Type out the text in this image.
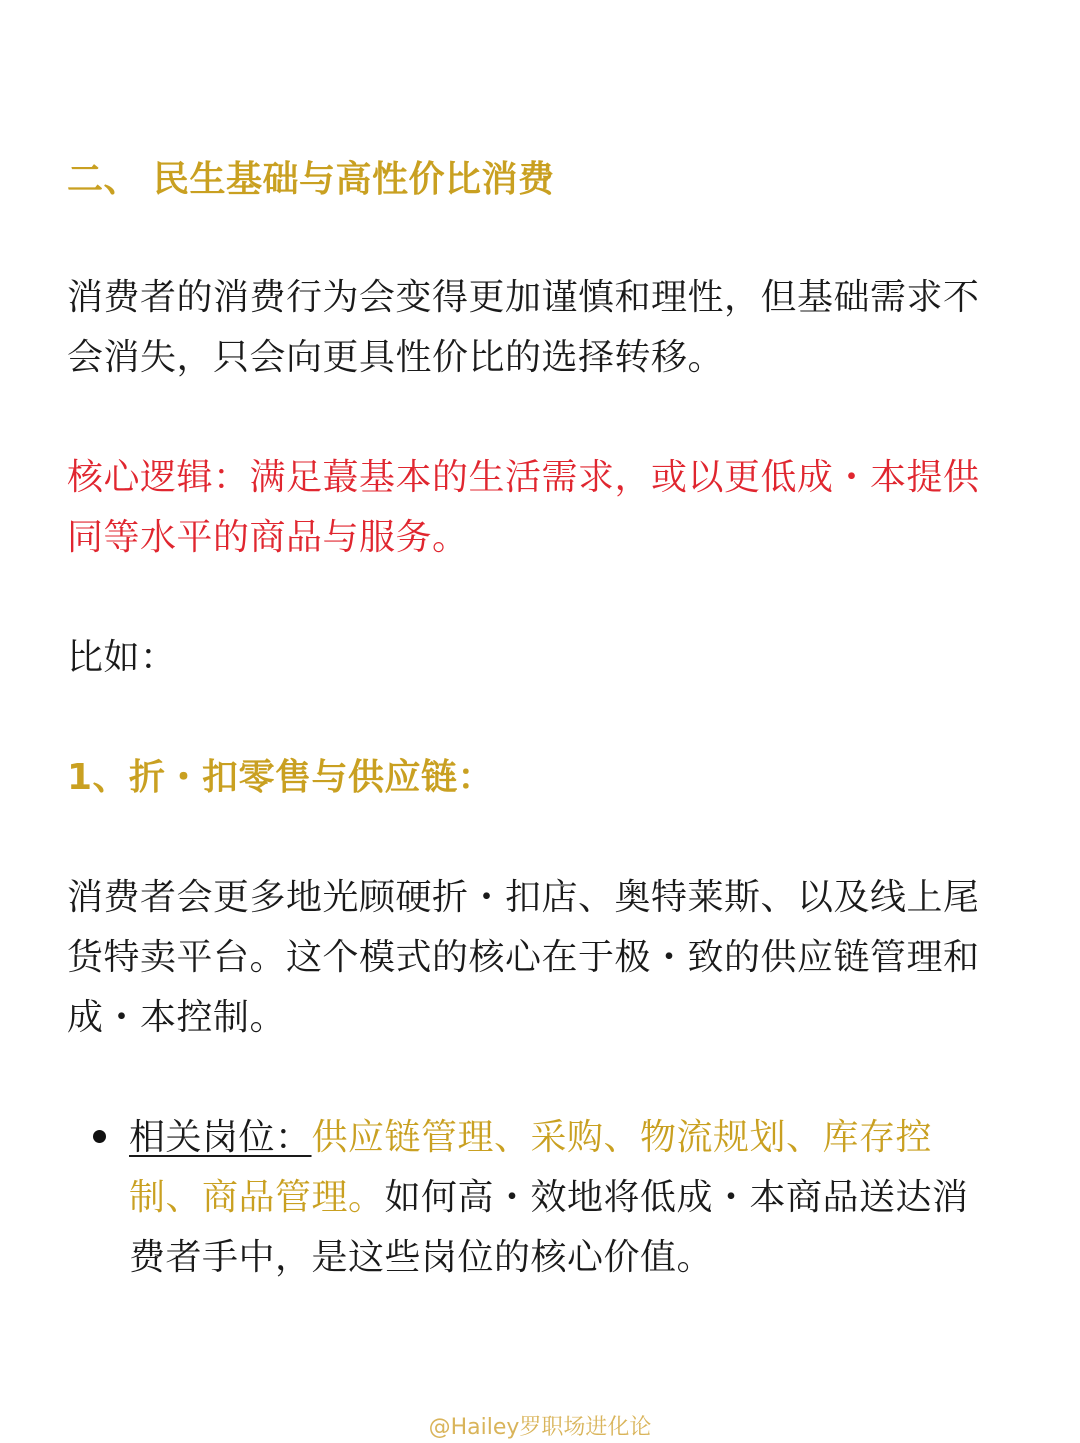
二、 民生基础与高性价比消费

消费者的消费行为会变得更加谨慎和理性，但基础需求不会消失，只会向更具性价比的选择转移。

核心逻辑：满足蕞基本的生活需求，或以更低成・本提供同等水平的商品与服务。

比如：

1、折・扣零售与供应链：

消费者会更多地光顾硬折・扣店、奥特莱斯、以及线上尾货特卖平台。这个模式的核心在于极・致的供应链管理和成・本控制。

相关岗位：供应链管理、采购、物流规划、库存控制、商品管理。如何高・效地将低成・本商品送达消费者手中，是这些岗位的核心价值。
@Hailey罗职场进化论
